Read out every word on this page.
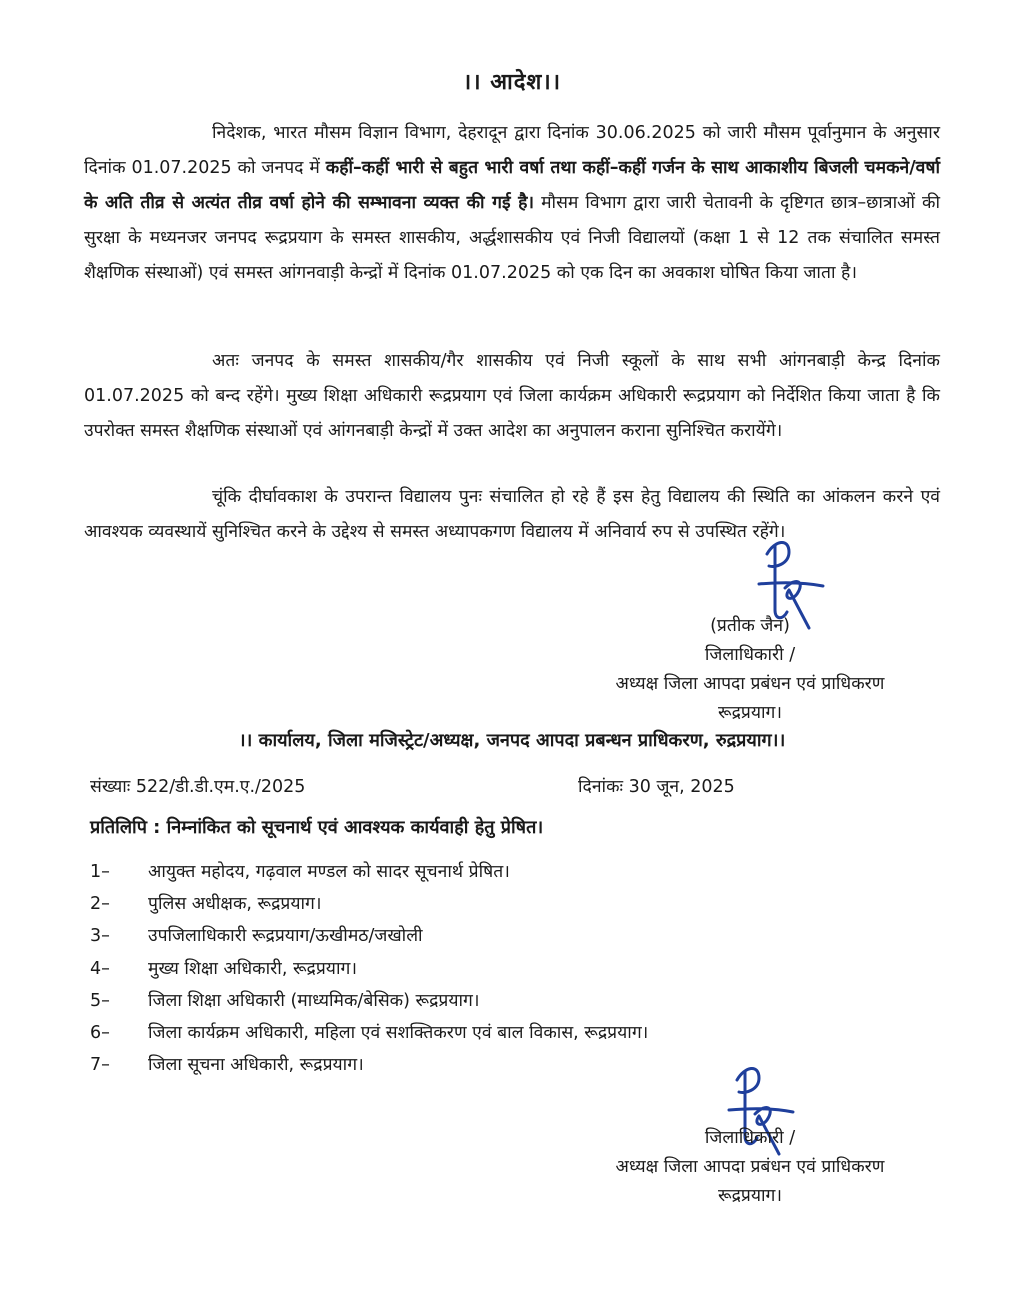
।। आदेश।।

निदेशक, भारत मौसम विज्ञान विभाग, देहरादून द्वारा दिनांक 30.06.2025 को जारी मौसम पूर्वानुमान के अनुसार दिनांक 01.07.2025 को जनपद में कहीं–कहीं भारी से बहुत भारी वर्षा तथा कहीं–कहीं गर्जन के साथ आकाशीय बिजली चमकने/वर्षा के अति तीव्र से अत्यंत तीव्र वर्षा होने की सम्भावना व्यक्त की गई है। मौसम विभाग द्वारा जारी चेतावनी के दृष्टिगत छात्र–छात्राओं की सुरक्षा के मध्यनजर जनपद रूद्रप्रयाग के समस्त शासकीय, अर्द्धशासकीय एवं निजी विद्यालयों (कक्षा 1 से 12 तक संचालित समस्त शैक्षणिक संस्थाओं) एवं समस्त आंगनवाड़ी केन्द्रों में दिनांक 01.07.2025 को एक दिन का अवकाश घोषित किया जाता है।

अतः जनपद के समस्त शासकीय/गैर शासकीय एवं निजी स्कूलों के साथ सभी आंगनबाड़ी केन्द्र दिनांक 01.07.2025 को बन्द रहेंगे। मुख्य शिक्षा अधिकारी रूद्रप्रयाग एवं जिला कार्यक्रम अधिकारी रूद्रप्रयाग को निर्देशित किया जाता है कि उपरोक्त समस्त शैक्षणिक संस्थाओं एवं आंगनबाड़ी केन्द्रों में उक्त आदेश का अनुपालन कराना सुनिश्चित करायेंगे।

चूंकि दीर्घावकाश के उपरान्त विद्यालय पुनः संचालित हो रहे हैं इस हेतु विद्यालय की स्थिति का आंकलन करने एवं आवश्यक व्यवस्थायें सुनिश्चित करने के उद्देश्य से समस्त अध्यापकगण विद्यालय में अनिवार्य रुप से उपस्थित रहेंगे।

(प्रतीक जैन)
जिलाधिकारी /
अध्यक्ष जिला आपदा प्रबंधन एवं प्राधिकरण
रूद्रप्रयाग।
।। कार्यालय, जिला मजिस्ट्रेट/अध्यक्ष, जनपद आपदा प्रबन्धन प्राधिकरण, रुद्रप्रयाग।।
संख्याः 522/डी.डी.एम.ए./2025	दिनांकः 30 जून, 2025
प्रतिलिपि : निम्नांकित को सूचनार्थ एवं आवश्यक कार्यवाही हेतु प्रेषित।
1–	आयुक्त महोदय, गढ़वाल मण्डल को सादर सूचनार्थ प्रेषित।
2–	पुलिस अधीक्षक, रूद्रप्रयाग।
3–	उपजिलाधिकारी रूद्रप्रयाग/ऊखीमठ/जखोली
4–	मुख्य शिक्षा अधिकारी, रूद्रप्रयाग।
5–	जिला शिक्षा अधिकारी (माध्यमिक/बेसिक) रूद्रप्रयाग।
6–	जिला कार्यक्रम अधिकारी, महिला एवं सशक्तिकरण एवं बाल विकास, रूद्रप्रयाग।
7–	जिला सूचना अधिकारी, रूद्रप्रयाग।
जिलाधिकारी /
अध्यक्ष जिला आपदा प्रबंधन एवं प्राधिकरण
रूद्रप्रयाग।
